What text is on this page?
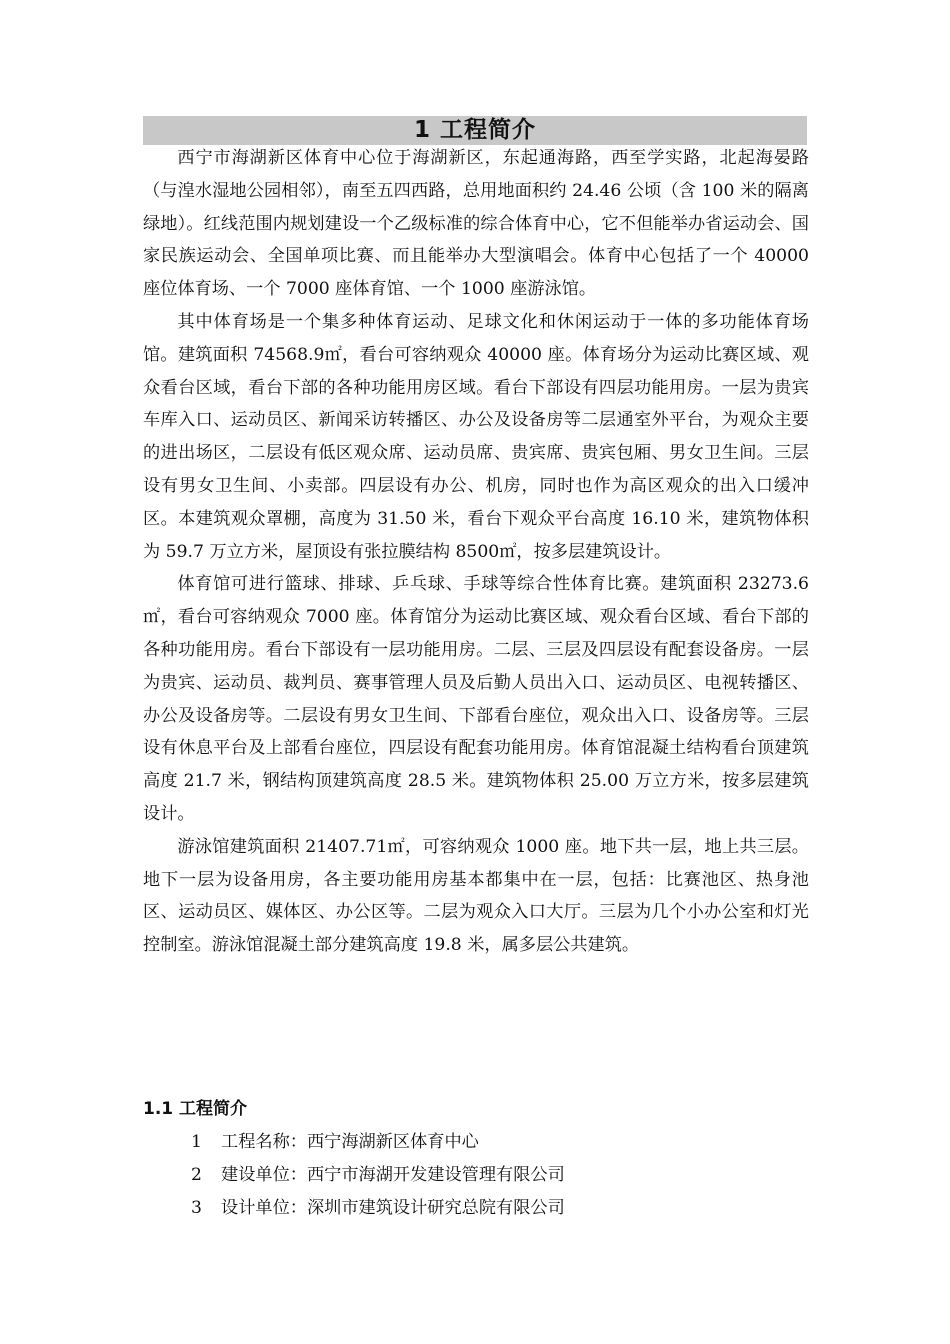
1 工程简介

西宁市海湖新区体育中心位于海湖新区，东起通海路，西至学实路，北起海晏路（与湟水湿地公园相邻），南至五四西路，总用地面积约 24.46 公顷（含 100 米的隔离绿地）。红线范围内规划建设一个乙级标准的综合体育中心，它不但能举办省运动会、国家民族运动会、全国单项比赛、而且能举办大型演唱会。体育中心包括了一个 40000 座位体育场、一个 7000 座体育馆、一个 1000 座游泳馆。

其中体育场是一个集多种体育运动、足球文化和休闲运动于一体的多功能体育场馆。建筑面积 74568.9㎡，看台可容纳观众 40000 座。体育场分为运动比赛区域、观众看台区域，看台下部的各种功能用房区域。看台下部设有四层功能用房。一层为贵宾车库入口、运动员区、新闻采访转播区、办公及设备房等二层通室外平台，为观众主要的进出场区，二层设有低区观众席、运动员席、贵宾席、贵宾包厢、男女卫生间。三层设有男女卫生间、小卖部。四层设有办公、机房，同时也作为高区观众的出入口缓冲区。本建筑观众罩棚，高度为 31.50 米，看台下观众平台高度 16.10 米，建筑物体积为 59.7 万立方米，屋顶设有张拉膜结构 8500㎡，按多层建筑设计。

体育馆可进行篮球、排球、乒乓球、手球等综合性体育比赛。建筑面积 23273.6㎡，看台可容纳观众 7000 座。体育馆分为运动比赛区域、观众看台区域、看台下部的各种功能用房。看台下部设有一层功能用房。二层、三层及四层设有配套设备房。一层为贵宾、运动员、裁判员、赛事管理人员及后勤人员出入口、运动员区、电视转播区、办公及设备房等。二层设有男女卫生间、下部看台座位，观众出入口、设备房等。三层设有休息平台及上部看台座位，四层设有配套功能用房。体育馆混凝土结构看台顶建筑高度 21.7 米，钢结构顶建筑高度 28.5 米。建筑物体积 25.00 万立方米，按多层建筑设计。

游泳馆建筑面积 21407.71㎡，可容纳观众 1000 座。地下共一层，地上共三层。地下一层为设备用房，各主要功能用房基本都集中在一层，包括：比赛池区、热身池区、运动员区、媒体区、办公区等。二层为观众入口大厅。三层为几个小办公室和灯光控制室。游泳馆混凝土部分建筑高度 19.8 米，属多层公共建筑。

1.1 工程简介
1 工程名称：西宁海湖新区体育中心
2 建设单位：西宁市海湖开发建设管理有限公司
3 设计单位：深圳市建筑设计研究总院有限公司
